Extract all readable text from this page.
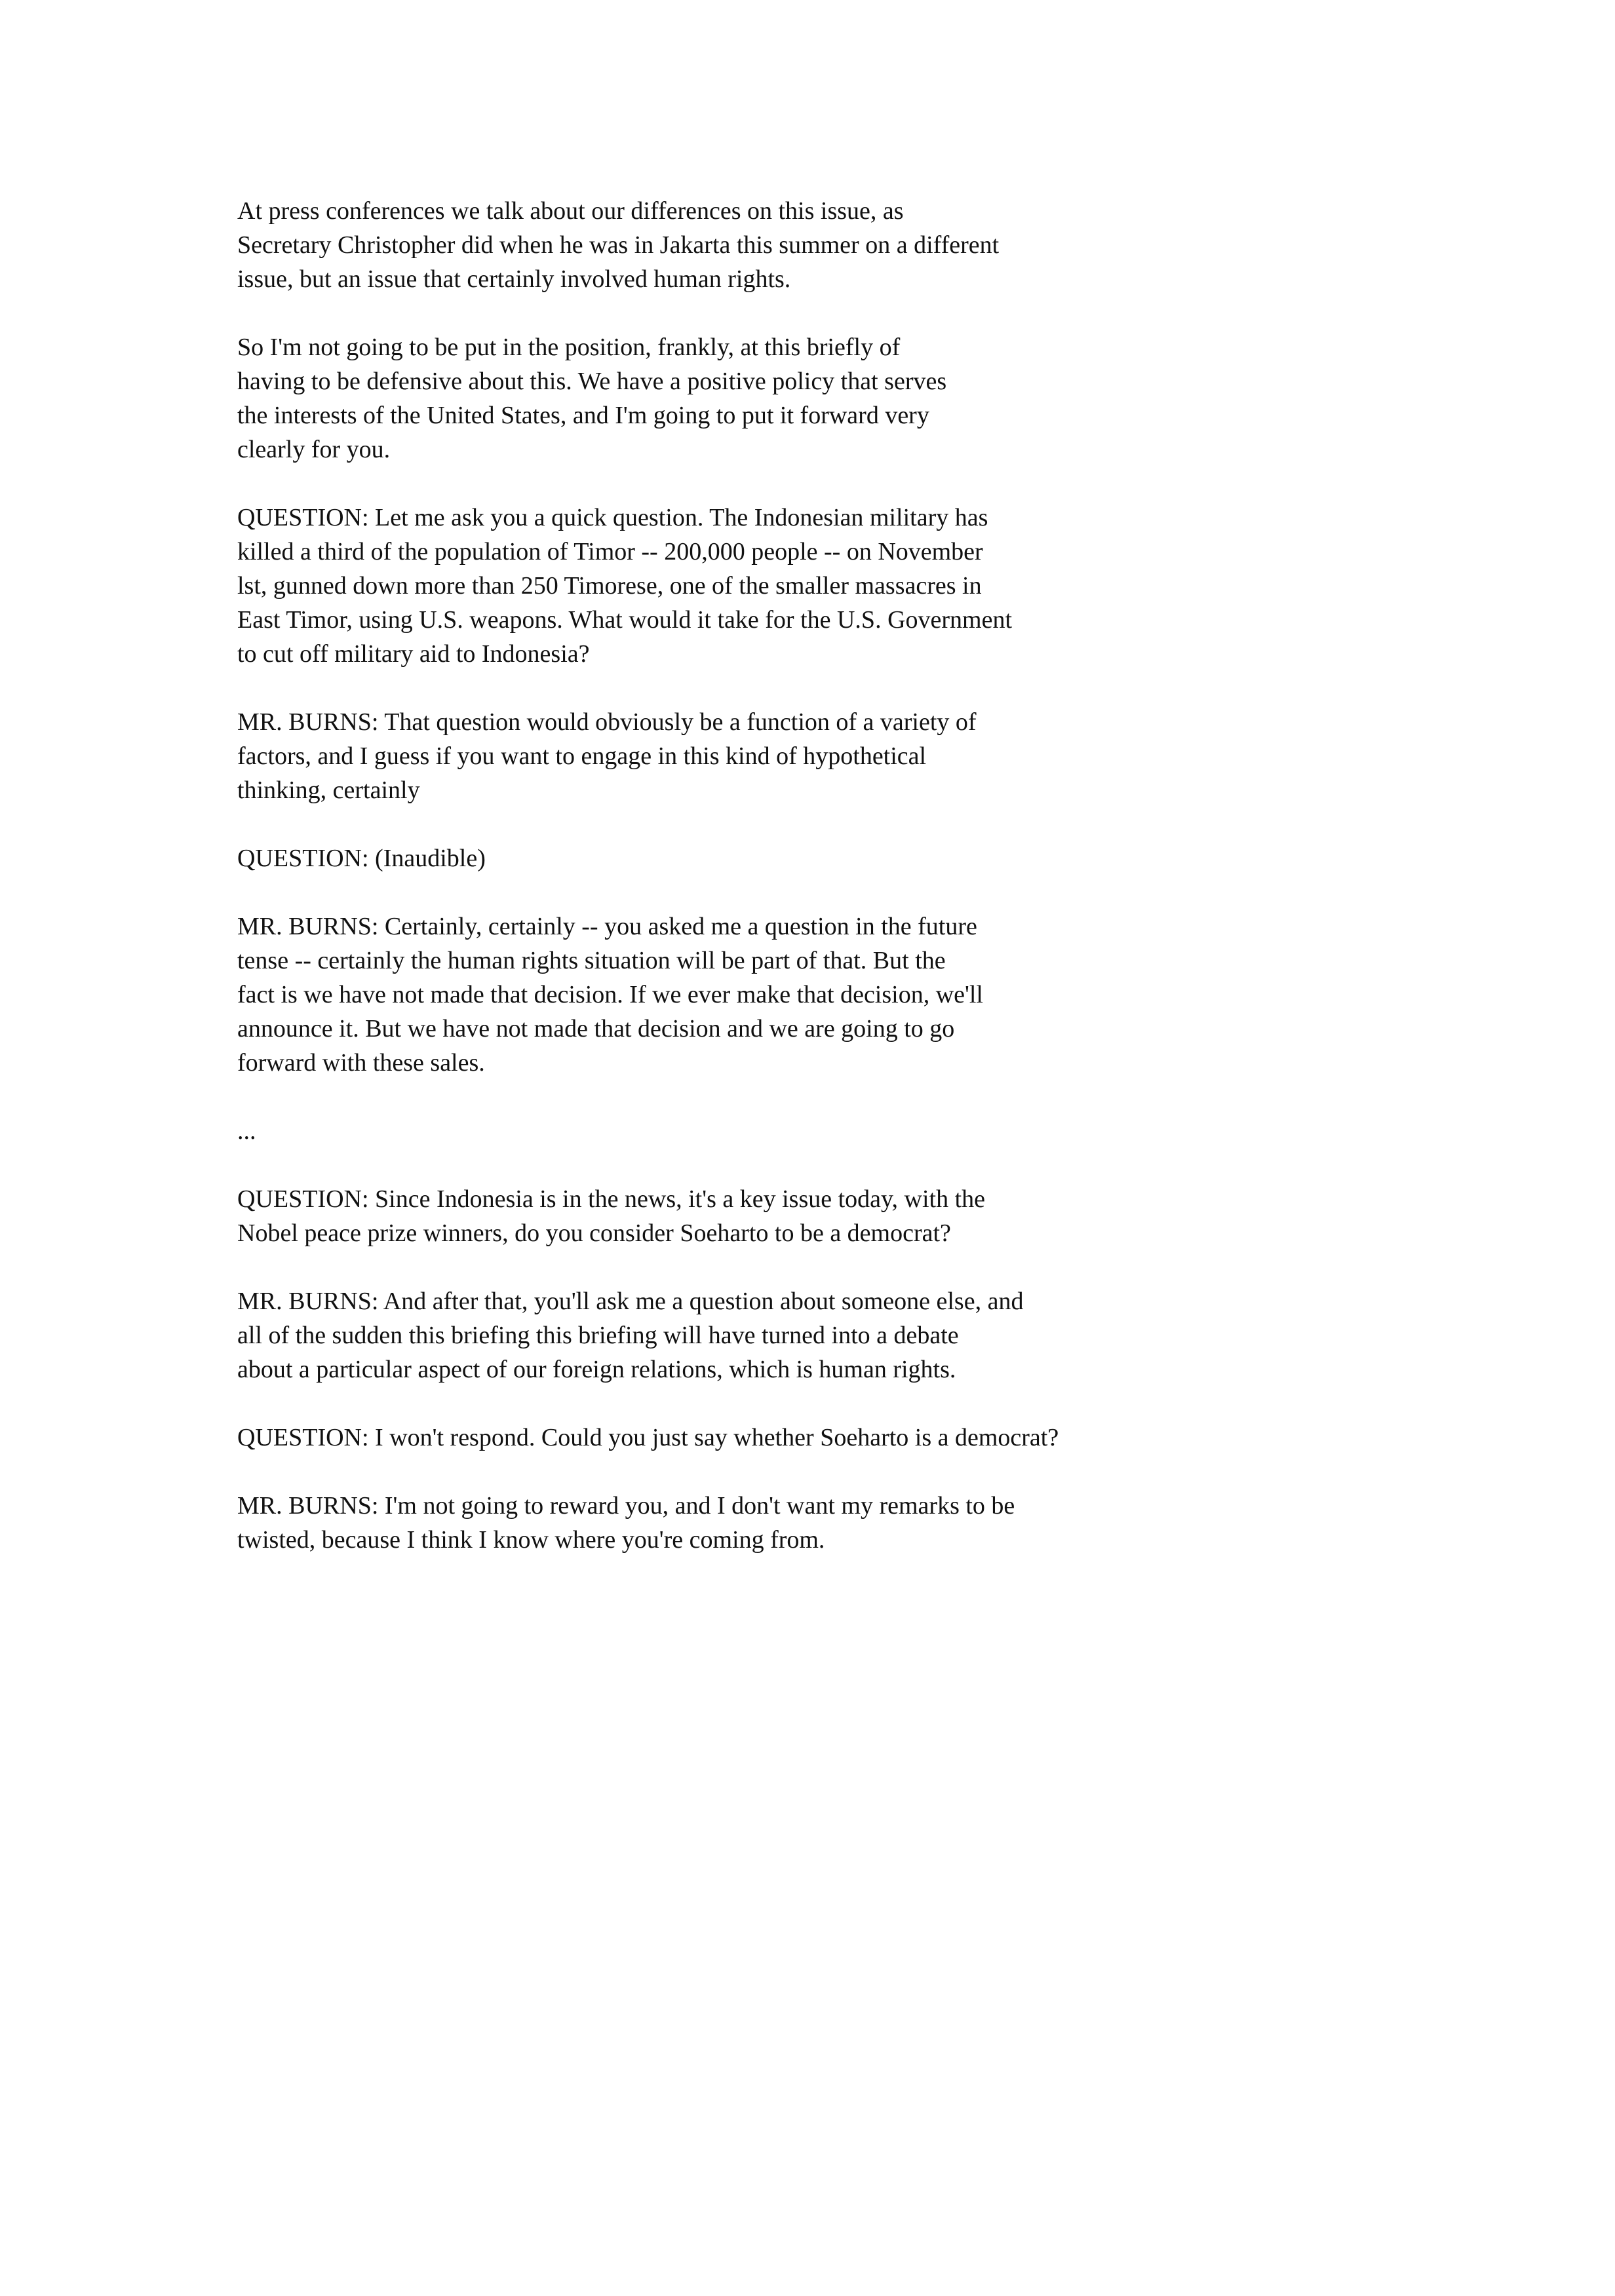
At press conferences we talk about our differences on this issue, as
Secretary Christopher did when he was in Jakarta this summer on a different
issue, but an issue that certainly involved human rights.

So I'm not going to be put in the position, frankly, at this briefly of
having to be defensive about this. We have a positive policy that serves
the interests of the United States, and I'm going to put it forward very
clearly for you.

QUESTION: Let me ask you a quick question. The Indonesian military has
killed a third of the population of Timor -- 200,000 people -- on November
lst, gunned down more than 250 Timorese, one of the smaller massacres in
East Timor, using U.S. weapons. What would it take for the U.S. Government
to cut off military aid to Indonesia?

MR. BURNS: That question would obviously be a function of a variety of
factors, and I guess if you want to engage in this kind of hypothetical
thinking, certainly

QUESTION: (Inaudible)

MR. BURNS: Certainly, certainly -- you asked me a question in the future
tense -- certainly the human rights situation will be part of that. But the
fact is we have not made that decision. If we ever make that decision, we'll
announce it. But we have not made that decision and we are going to go
forward with these sales.

...

QUESTION: Since Indonesia is in the news, it's a key issue today, with the
Nobel peace prize winners, do you consider Soeharto to be a democrat?

MR. BURNS: And after that, you'll ask me a question about someone else, and
all of the sudden this briefing this briefing will have turned into a debate
about a particular aspect of our foreign relations, which is human rights.

QUESTION: I won't respond. Could you just say whether Soeharto is a democrat?

MR. BURNS: I'm not going to reward you, and I don't want my remarks to be
twisted, because I think I know where you're coming from.
